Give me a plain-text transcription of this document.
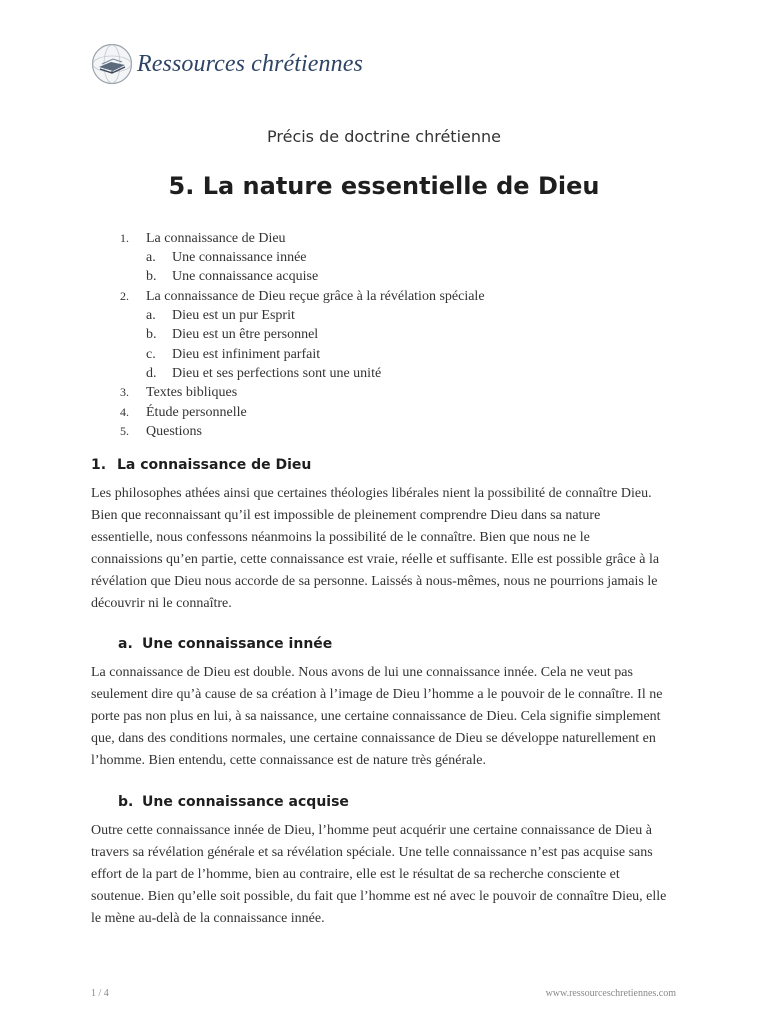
Ressources chrétiennes
Précis de doctrine chrétienne
5. La nature essentielle de Dieu
1.	La connaissance de Dieu
a.	Une connaissance innée
b.	Une connaissance acquise
2.	La connaissance de Dieu reçue grâce à la révélation spéciale
a.	Dieu est un pur Esprit
b.	Dieu est un être personnel
c.	Dieu est infiniment parfait
d.	Dieu et ses perfections sont une unité
3.	Textes bibliques
4.	Étude personnelle
5.	Questions
1. La connaissance de Dieu

Les philosophes athées ainsi que certaines théologies libérales nient la possibilité de connaître Dieu.
Bien que reconnaissant qu’il est impossible de pleinement comprendre Dieu dans sa nature
essentielle, nous confessons néanmoins la possibilité de le connaître. Bien que nous ne le
connaissions qu’en partie, cette connaissance est vraie, réelle et suffisante. Elle est possible grâce à la
révélation que Dieu nous accorde de sa personne. Laissés à nous-mêmes, nous ne pourrions jamais le
découvrir ni le connaître.

a. Une connaissance innée

La connaissance de Dieu est double. Nous avons de lui une connaissance innée. Cela ne veut pas
seulement dire qu’à cause de sa création à l’image de Dieu l’homme a le pouvoir de le connaître. Il ne
porte pas non plus en lui, à sa naissance, une certaine connaissance de Dieu. Cela signifie simplement
que, dans des conditions normales, une certaine connaissance de Dieu se développe naturellement en
l’homme. Bien entendu, cette connaissance est de nature très générale.

b. Une connaissance acquise

Outre cette connaissance innée de Dieu, l’homme peut acquérir une certaine connaissance de Dieu à
travers sa révélation générale et sa révélation spéciale. Une telle connaissance n’est pas acquise sans
effort de la part de l’homme, bien au contraire, elle est le résultat de sa recherche consciente et
soutenue. Bien qu’elle soit possible, du fait que l’homme est né avec le pouvoir de connaître Dieu, elle
le mène au-delà de la connaissance innée.

1 / 4	www.ressourceschretiennes.com
